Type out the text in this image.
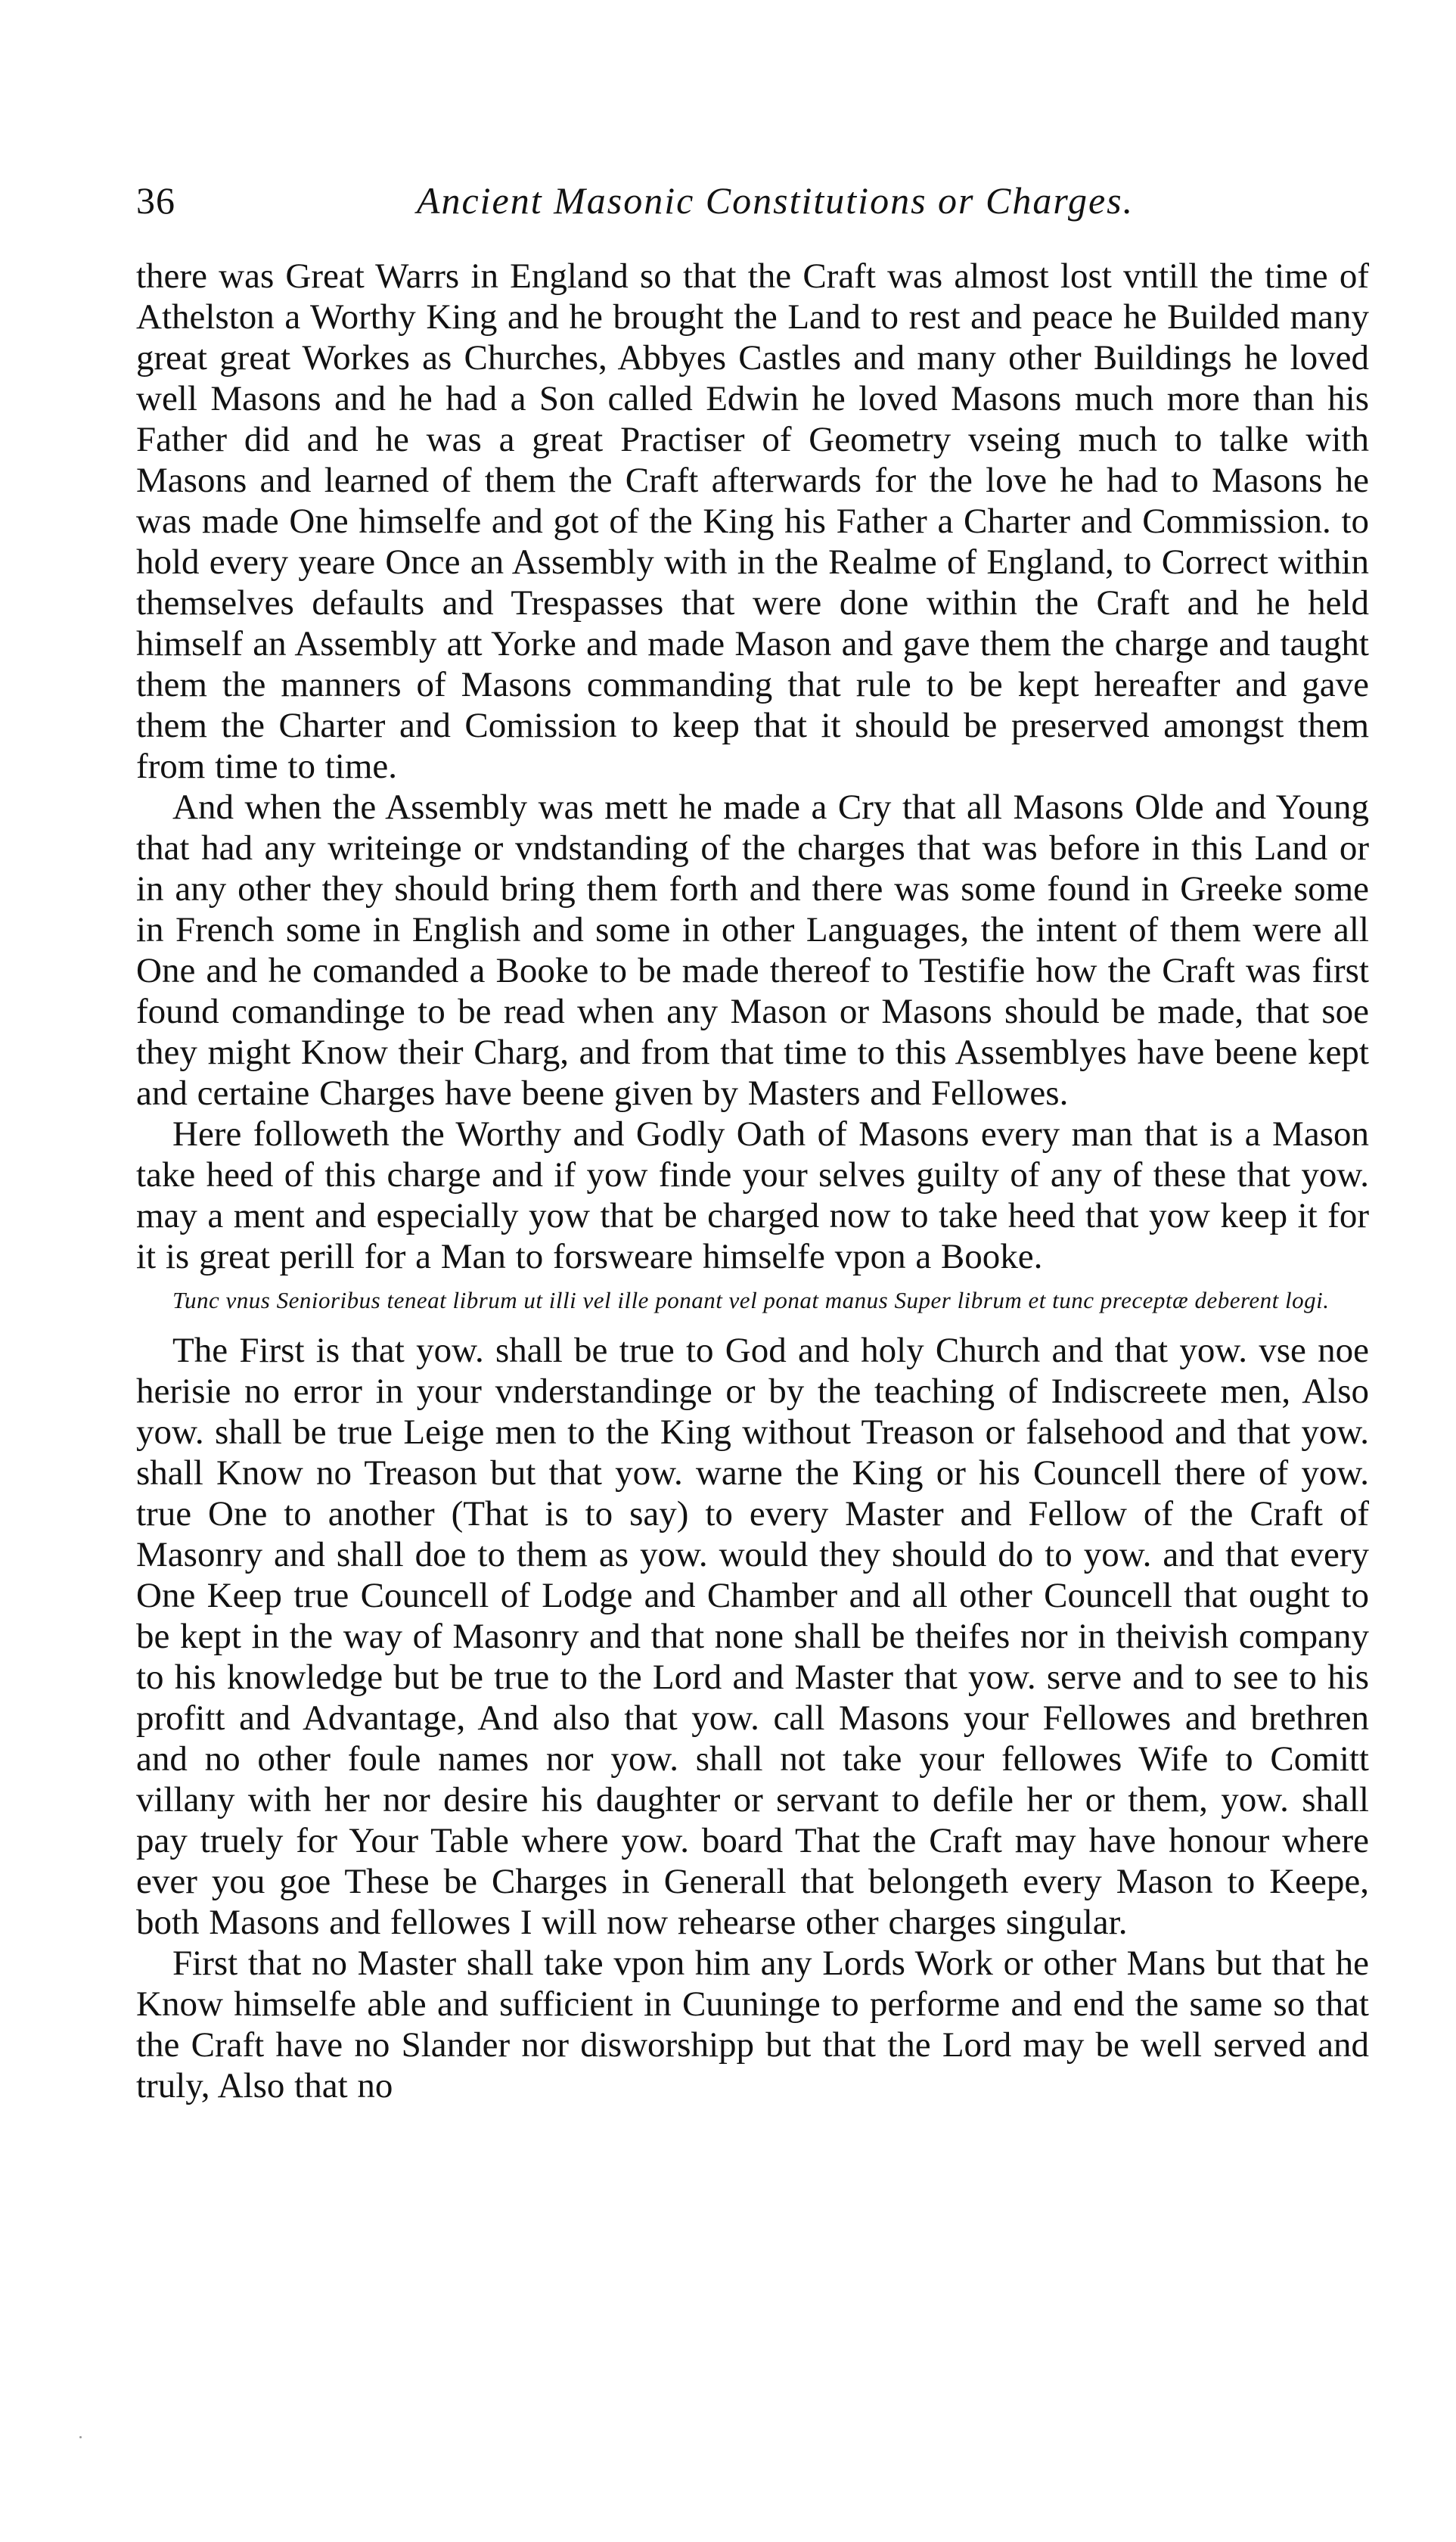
36	Ancient Masonic Constitutions or Charges.

there was Great Warrs in England so that the Craft was almost lost vntill the time of Athelston a Worthy King and he brought the Land to rest and peace he Builded many great great Workes as Churches, Abbyes Castles and many other Buildings he loved well Masons and he had a Son called Edwin he loved Masons much more than his Father did and he was a great Practiser of Geometry vseing much to talke with Masons and learned of them the Craft afterwards for the love he had to Masons he was made One himselfe and got of the King his Father a Charter and Commission. to hold every yeare Once an Assembly with in the Realme of England, to Correct within themselves defaults and Trespasses that were done within the Craft and he held himself an Assembly att Yorke and made Mason and gave them the charge and taught them the manners of Masons commanding that rule to be kept hereafter and gave them the Charter and Comission to keep that it should be preserved amongst them from time to time.

And when the Assembly was mett he made a Cry that all Masons Olde and Young that had any writeinge or vndstanding of the charges that was before in this Land or in any other they should bring them forth and there was some found in Greeke some in French some in English and some in other Languages, the intent of them were all One and he comanded a Booke to be made thereof to Testifie how the Craft was first found comandinge to be read when any Mason or Masons should be made, that soe they might Know their Charg, and from that time to this Assemblyes have beene kept and certaine Charges have beene given by Masters and Fellowes.

Here followeth the Worthy and Godly Oath of Masons every man that is a Mason take heed of this charge and if yow finde your selves guilty of any of these that yow. may a ment and especially yow that be charged now to take heed that yow keep it for it is great perill for a Man to forsweare himselfe vpon a Booke.

Tunc vnus Senioribus teneat librum ut illi vel ille ponant vel ponat manus Super librum et tunc preceptæ deberent logi.

The First is that yow. shall be true to God and holy Church and that yow. vse noe herisie no error in your vnderstandinge or by the teaching of Indiscreete men, Also yow. shall be true Leige men to the King without Treason or falsehood and that yow. shall Know no Treason but that yow. warne the King or his Councell there of yow. true One to another (That is to say) to every Master and Fellow of the Craft of Masonry and shall doe to them as yow. would they should do to yow. and that every One Keep true Councell of Lodge and Chamber and all other Councell that ought to be kept in the way of Masonry and that none shall be theifes nor in theivish company to his knowledge but be true to the Lord and Master that yow. serve and to see to his profitt and Advantage, And also that yow. call Masons your Fellowes and brethren and no other foule names nor yow. shall not take your fellowes Wife to Comitt villany with her nor desire his daughter or servant to defile her or them, yow. shall pay truely for Your Table where yow. board That the Craft may have honour where ever you goe These be Charges in Generall that belongeth every Mason to Keepe, both Masons and fellowes I will now rehearse other charges singular.

First that no Master shall take vpon him any Lords Work or other Mans but that he Know himselfe able and sufficient in Cuuninge to performe and end the same so that the Craft have no Slander nor disworshipp but that the Lord may be well served and truly, Also that no
